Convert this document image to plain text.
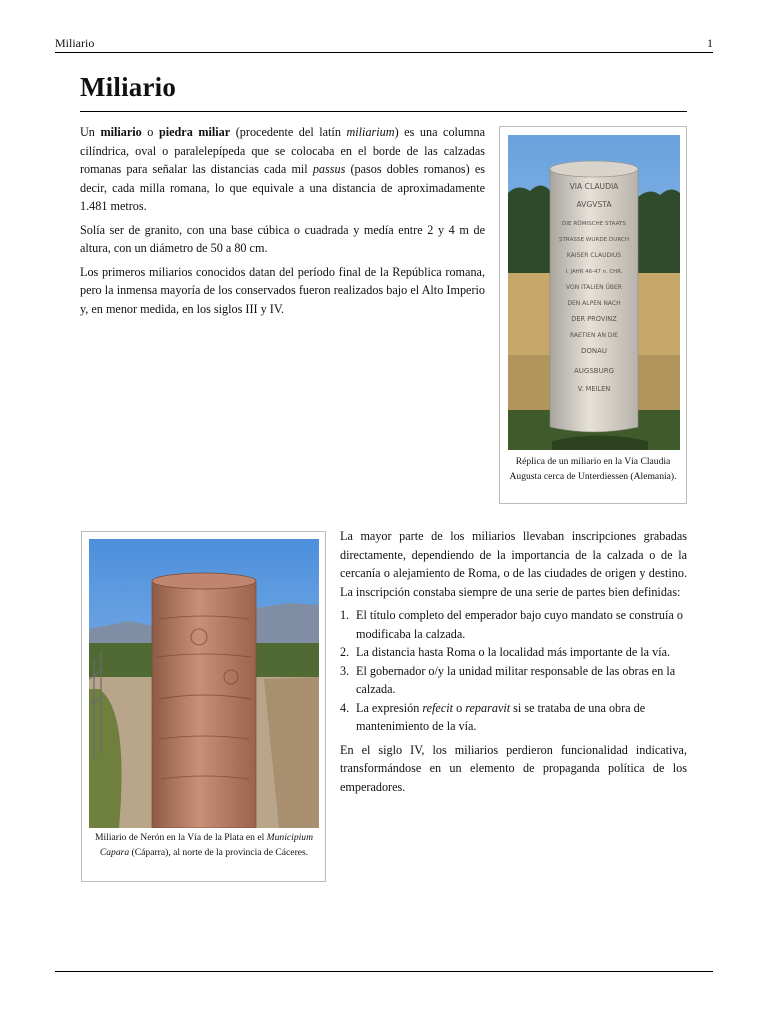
Miliario	1
Miliario

Un miliario o piedra miliar (procedente del latín miliarium) es una columna cilíndrica, oval o paralelepípeda que se colocaba en el borde de las calzadas romanas para señalar las distancias cada mil passus (pasos dobles romanos) es decir, cada milla romana, lo que equivale a una distancia de aproximadamente 1.481 metros.

Solía ser de granito, con una base cúbica o cuadrada y medía entre 2 y 4 m de altura, con un diámetro de 50 a 80 cm.

Los primeros miliarios conocidos datan del período final de la República romana, pero la inmensa mayoría de los conservados fueron realizados bajo el Alto Imperio y, en menor medida, en los siglos III y IV.

VIA CLAUDIA
AVGVSTA
DIE RÖMISCHE STAATS
STRASSE WURDE DURCH
KAISER CLAUDIUS
I. JAHR 46-47 n. CHR.
VON ITALIEN ÜBER
DEN ALPEN NACH
DER PROVINZ
RAETIEN AN DIE
DONAU
AUGSBURG
V. MEILEN
Réplica de un miliario en la Vía Claudia Augusta cerca de Unterdiessen (Alemania).
Miliario de Nerón en la Vía de la Plata en el Municipium Capara (Cáparra), al norte de la provincia de Cáceres.

La mayor parte de los miliarios llevaban inscripciones grabadas directamente, dependiendo de la importancia de la calzada o de la cercanía o alejamiento de Roma, o de las ciudades de origen y destino. La inscripción constaba siempre de una serie de partes bien definidas:

1. El título completo del emperador bajo cuyo mandato se construía o modificaba la calzada.
2. La distancia hasta Roma o la localidad más importante de la vía.
3. El gobernador o/y la unidad militar responsable de las obras en la calzada.
4. La expresión refecit o reparavit si se trataba de una obra de mantenimiento de la vía.

En el siglo IV, los miliarios perdieron funcionalidad indicativa, transformándose en un elemento de propaganda política de los emperadores.
